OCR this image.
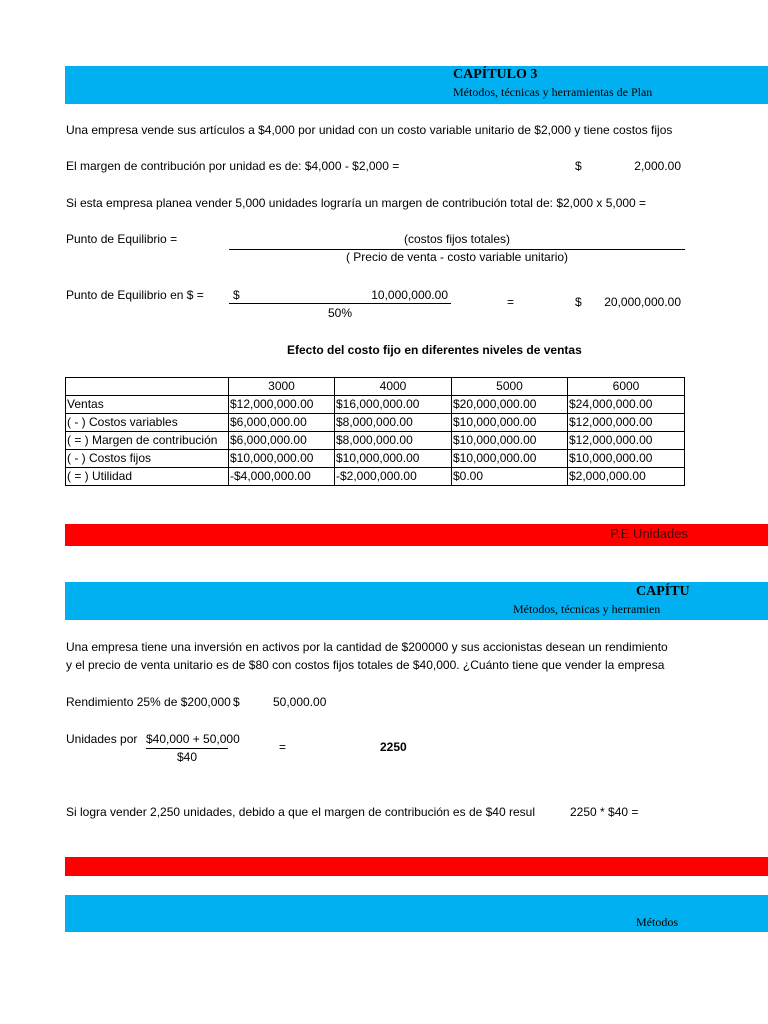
CAPÍTULO 3
Métodos, técnicas y herramientas de Plan
Una empresa vende sus artículos a $4,000 por unidad con un costo variable unitario de $2,000 y tiene costos fijos
El margen de contribución por unidad es de: $4,000 - $2,000 =	$	2,000.00
Si esta empresa planea vender 5,000 unidades lograría un margen de contribución total de: $2,000 x 5,000 =
Punto de Equilibrio =	(costos fijos totales)
( Precio de venta - costo variable unitario)
Punto de Equilibrio en $ = $	10,000,000.00
50%
=	$	20,000,000.00
Efecto del costo fijo en diferentes niveles de ventas
	3000	4000	5000	6000
Ventas	$12,000,000.00	$16,000,000.00	$20,000,000.00	$24,000,000.00
( - ) Costos variables	$6,000,000.00	$8,000,000.00	$10,000,000.00	$12,000,000.00
( = ) Margen de contribución	$6,000,000.00	$8,000,000.00	$10,000,000.00	$12,000,000.00
( - ) Costos fijos	$10,000,000.00	$10,000,000.00	$10,000,000.00	$10,000,000.00
( = ) Utilidad	-$4,000,000.00	-$2,000,000.00	$0.00	$2,000,000.00
P.E Unidades
CAPÍTU
Métodos, técnicas y herramien
Una empresa tiene una inversión en activos por la cantidad de $200000 y sus accionistas desean un rendimiento
y el precio de venta unitario es de $80 con costos fijos totales de $40,000. ¿Cuánto tiene que vender la empresa
Rendimiento 25% de $200,000 $	50,000.00
Unidades por $40,000 + 50,000
$40
=	2250
Si logra vender 2,250 unidades, debido a que el margen de contribución es de $40 resul	2250 * $40 =
Métodos
